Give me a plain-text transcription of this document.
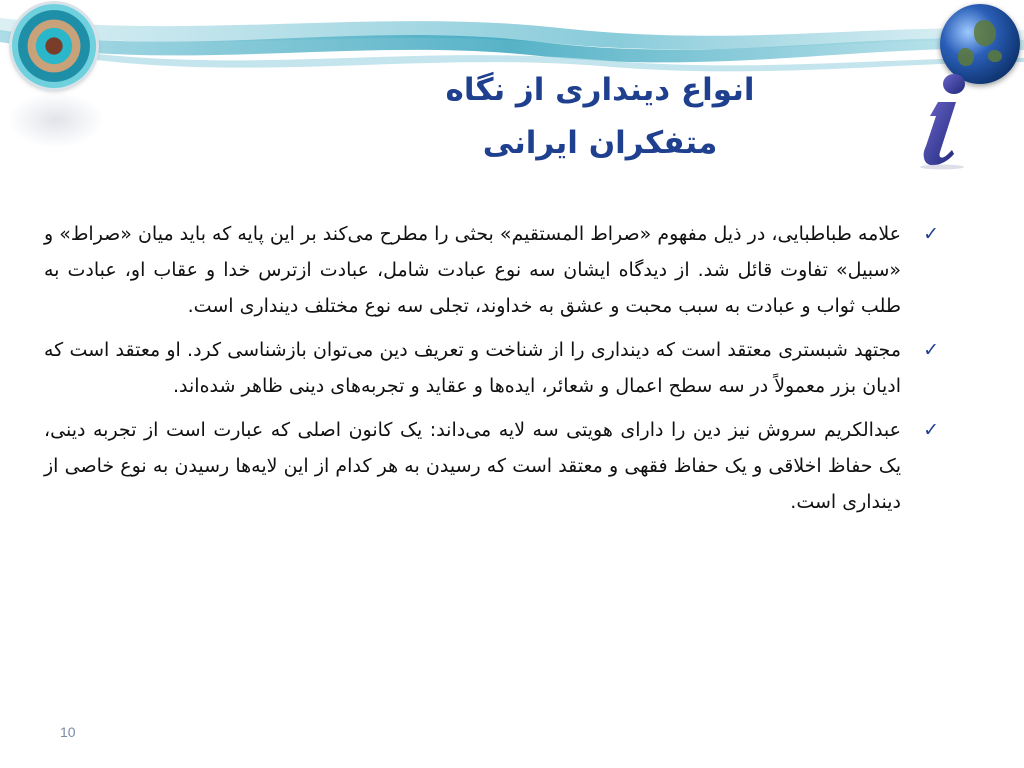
انواع دینداری از نگاه
متفکران ایرانی
✓
علامه طباطبایی، در ذیل مفهوم «صراط المستقیم» بحثی را مطرح می‌کند بر این پایه که باید میان «صراط» و «سبیل» تفاوت قائل شد. از دیدگاه ایشان سه نوع عبادت شامل، عبادت ازترس خدا و عقاب او، عبادت به طلب ثواب و عبادت به سبب محبت و عشق به خداوند، تجلی سه نوع مختلف دینداری است.
✓
مجتهد شبستری معتقد است که دینداری را از شناخت و تعریف دین می‌توان بازشناسی کرد. او معتقد است که ادیان بزر معمولاً در سه سطح اعمال و شعائر، ایده‌ها و عقاید و تجربه‌های دینی ظاهر شده‌اند.
✓
عبدالکریم سروش نیز دین را دارای هویتی سه لایه می‌داند: یک کانون اصلی که عبارت است از تجربه دینی، یک حفاظ اخلاقی و یک حفاظ فقهی و معتقد است که رسیدن به هر کدام از این لایه‌ها رسیدن به نوع خاصی از دینداری است.
10
